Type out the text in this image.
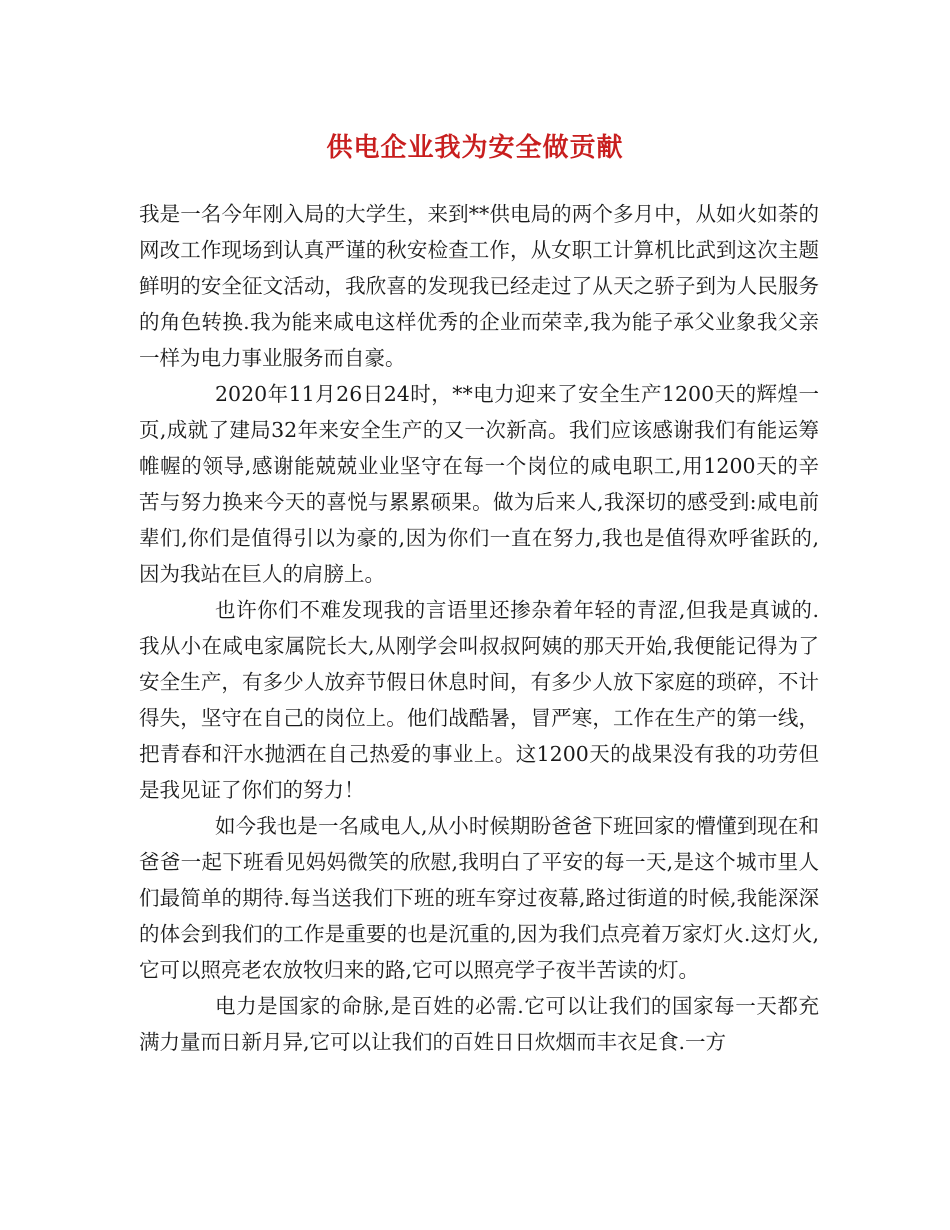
供电企业我为安全做贡献

我是一名今年刚入局的大学生，来到**供电局的两个多月中，从如火如荼的网改工作现场到认真严谨的秋安检查工作，从女职工计算机比武到这次主题鲜明的安全征文活动，我欣喜的发现我已经走过了从天之骄子到为人民服务的角色转换.我为能来咸电这样优秀的企业而荣幸,我为能子承父业象我父亲一样为电力事业服务而自豪。

2020年11月26日24时，**电力迎来了安全生产1200天的辉煌一页,成就了建局32年来安全生产的又一次新高。我们应该感谢我们有能运筹帷幄的领导,感谢能兢兢业业坚守在每一个岗位的咸电职工,用1200天的辛苦与努力换来今天的喜悦与累累硕果。做为后来人,我深切的感受到:咸电前辈们,你们是值得引以为豪的,因为你们一直在努力,我也是值得欢呼雀跃的,因为我站在巨人的肩膀上。

也许你们不难发现我的言语里还掺杂着年轻的青涩,但我是真诚的.我从小在咸电家属院长大,从刚学会叫叔叔阿姨的那天开始,我便能记得为了安全生产，有多少人放弃节假日休息时间，有多少人放下家庭的琐碎，不计得失，坚守在自己的岗位上。他们战酷暑，冒严寒，工作在生产的第一线，把青春和汗水抛洒在自己热爱的事业上。这1200天的战果没有我的功劳但是我见证了你们的努力！

如今我也是一名咸电人,从小时候期盼爸爸下班回家的懵懂到现在和爸爸一起下班看见妈妈微笑的欣慰,我明白了平安的每一天,是这个城市里人们最简单的期待.每当送我们下班的班车穿过夜幕,路过街道的时候,我能深深的体会到我们的工作是重要的也是沉重的,因为我们点亮着万家灯火.这灯火,它可以照亮老农放牧归来的路,它可以照亮学子夜半苦读的灯。

电力是国家的命脉,是百姓的必需.它可以让我们的国家每一天都充满力量而日新月异,它可以让我们的百姓日日炊烟而丰衣足食.一方
